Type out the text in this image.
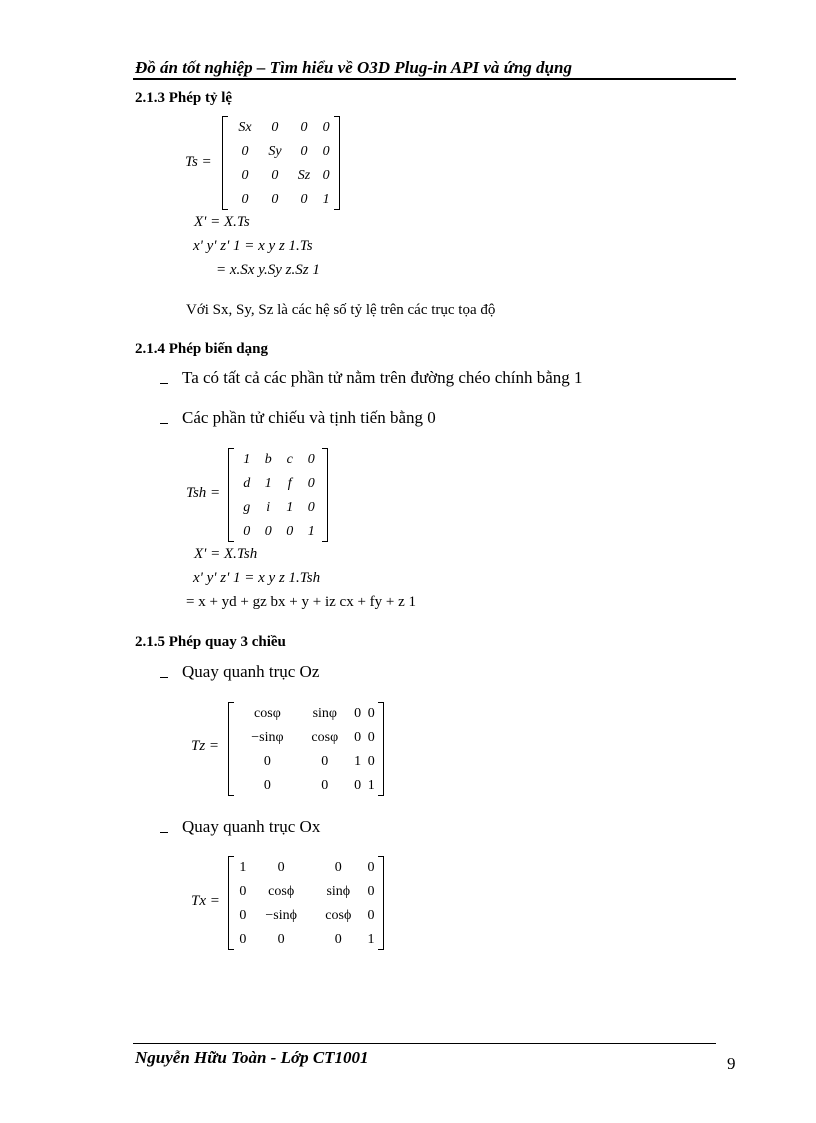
Đồ án tốt nghiệp – Tìm hiểu về O3D Plug-in API và ứng dụng
2.1.3 Phép tỷ lệ
Ts =
Sx	0	0	0
0	Sy	0	0
0	0	Sz	0
0	0	0	1
X' = X.Ts
x' y' z' 1 = x y z 1.Ts
= x.Sx y.Sy z.Sz 1
Với Sx, Sy, Sz là các hệ số tỷ lệ trên các trục tọa độ
2.1.4 Phép biến dạng
Ta có tất cả các phần tử nằm trên đường chéo chính bằng 1
Các phần tử chiếu và tịnh tiến bằng 0
Tsh =
1	b	c	0
d	1	f	0
g	i	1	0
0	0	0	1
X' = X.Tsh
x' y' z' 1 = x y z 1.Tsh
= x + yd + gz bx + y + iz cx + fy + z 1
2.1.5 Phép quay 3 chiều
Quay quanh trục Oz
Tz =
cosφ	sinφ	0	0
−sinφ	cosφ	0	0
0	0	1	0
0	0	0	1
Quay quanh trục Ox
Tx =
1	0	0	0
0	cosϕ	sinϕ	0
0	−sinϕ	cosϕ	0
0	0	0	1
Nguyễn Hữu Toàn - Lớp CT1001	9
